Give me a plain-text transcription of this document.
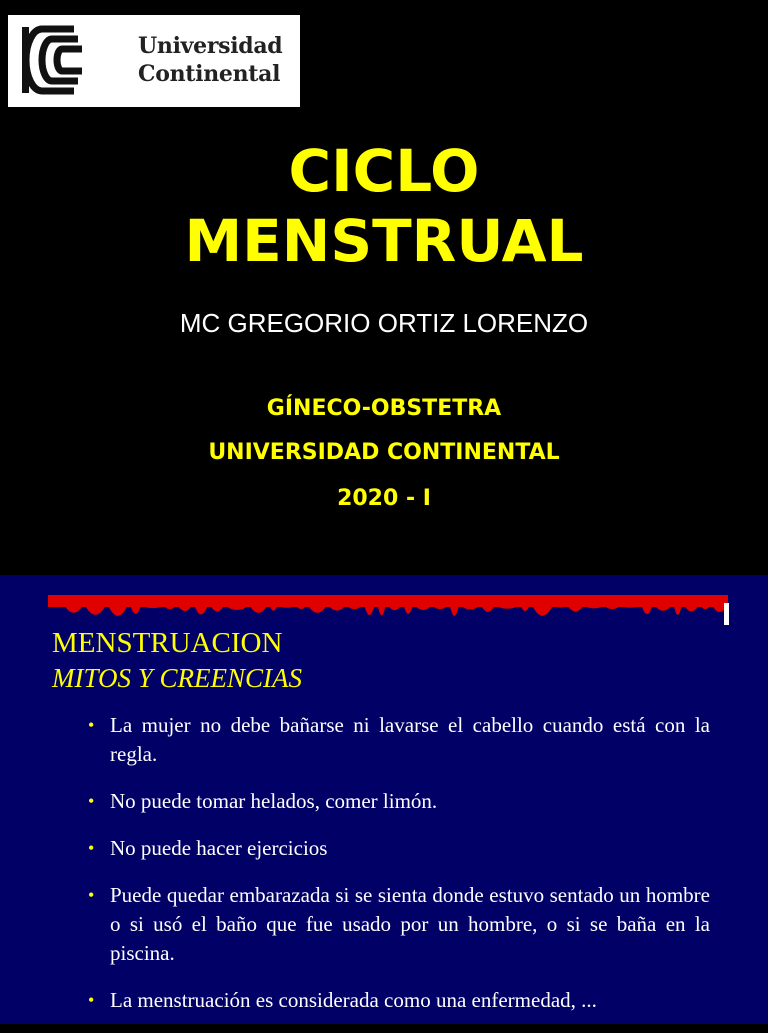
Universidad
Continental
CICLO
MENSTRUAL
MC GREGORIO ORTIZ LORENZO
GÍNECO-OBSTETRA
UNIVERSIDAD CONTINENTAL
2020 - I
MENSTRUACION
MITOS Y CREENCIAS
• La mujer no debe bañarse ni lavarse el cabello cuando está con la regla.
• No puede tomar helados, comer limón.
• No puede hacer ejercicios
• Puede quedar embarazada si se sienta donde estuvo sentado un hombre o si usó el baño que fue usado por un hombre, o si se baña en la piscina.
• La menstruación es considerada como una enfermedad, ...
